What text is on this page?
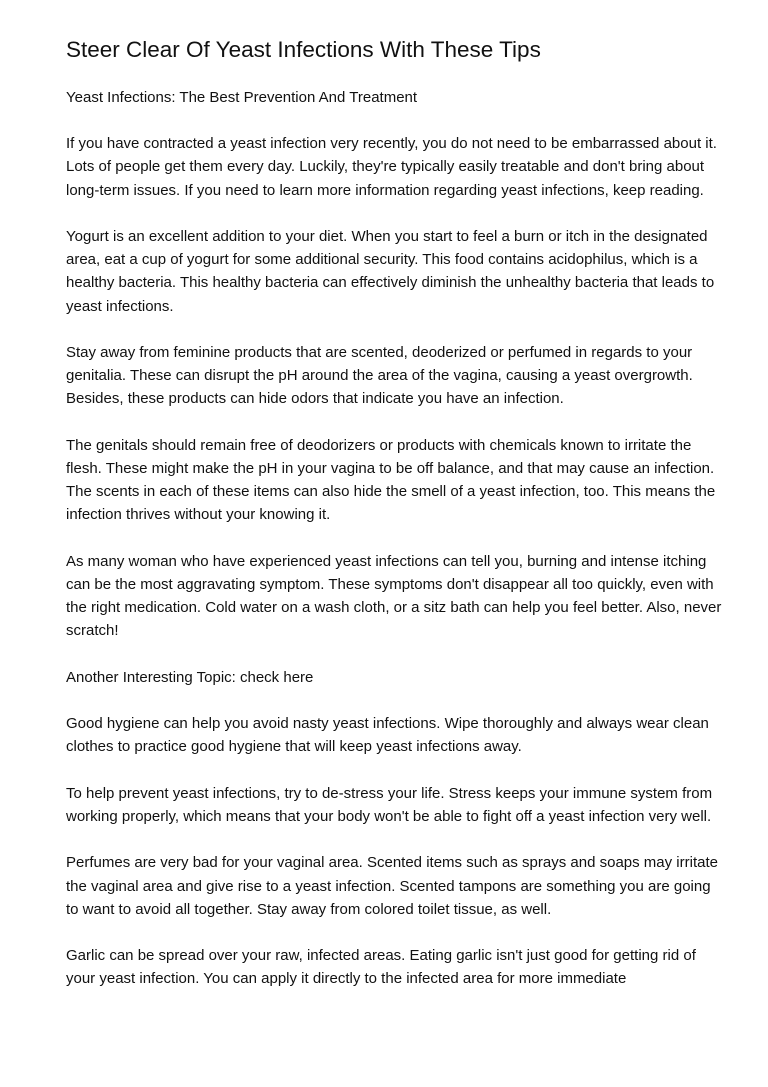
Steer Clear Of Yeast Infections With These Tips
Yeast Infections: The Best Prevention And Treatment

If you have contracted a yeast infection very recently, you do not need to be embarrassed about it. Lots of people get them every day. Luckily, they're typically easily treatable and don't bring about long-term issues. If you need to learn more information regarding yeast infections, keep reading.

Yogurt is an excellent addition to your diet. When you start to feel a burn or itch in the designated area, eat a cup of yogurt for some additional security. This food contains acidophilus, which is a healthy bacteria. This healthy bacteria can effectively diminish the unhealthy bacteria that leads to yeast infections.

Stay away from feminine products that are scented, deoderized or perfumed in regards to your genitalia. These can disrupt the pH around the area of the vagina, causing a yeast overgrowth. Besides, these products can hide odors that indicate you have an infection.

The genitals should remain free of deodorizers or products with chemicals known to irritate the flesh. These might make the pH in your vagina to be off balance, and that may cause an infection. The scents in each of these items can also hide the smell of a yeast infection, too. This means the infection thrives without your knowing it.

As many woman who have experienced yeast infections can tell you, burning and intense itching can be the most aggravating symptom. These symptoms don't disappear all too quickly, even with the right medication. Cold water on a wash cloth, or a sitz bath can help you feel better. Also, never scratch!

Another Interesting Topic: check here

Good hygiene can help you avoid nasty yeast infections. Wipe thoroughly and always wear clean clothes to practice good hygiene that will keep yeast infections away.

To help prevent yeast infections, try to de-stress your life. Stress keeps your immune system from working properly, which means that your body won't be able to fight off a yeast infection very well.

Perfumes are very bad for your vaginal area. Scented items such as sprays and soaps may irritate the vaginal area and give rise to a yeast infection. Scented tampons are something you are going to want to avoid all together. Stay away from colored toilet tissue, as well.

Garlic can be spread over your raw, infected areas. Eating garlic isn't just good for getting rid of your yeast infection. You can apply it directly to the infected area for more immediate
